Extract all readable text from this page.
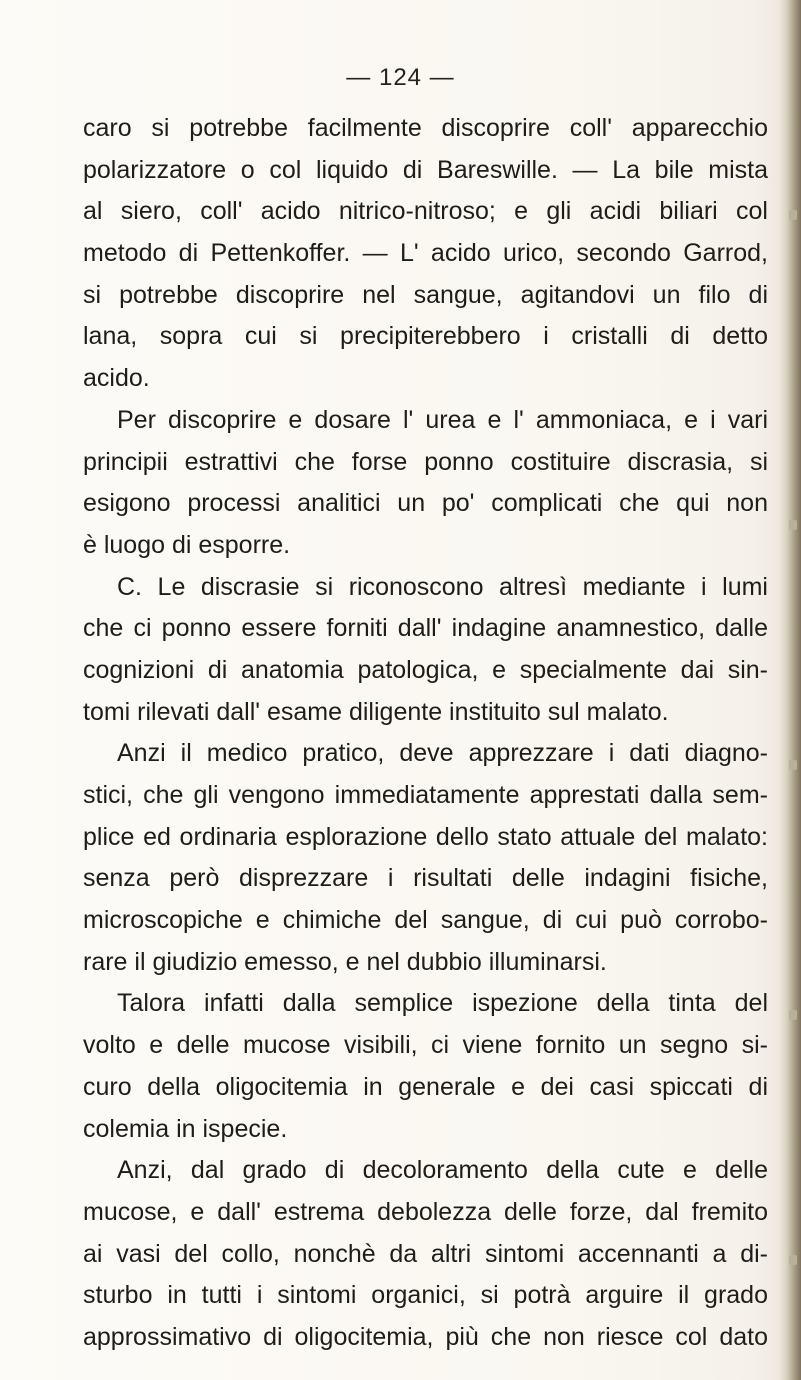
— 124 —
caro si potrebbe facilmente discoprire coll' apparecchio
polarizzatore o col liquido di Bareswille. — La bile mista
al siero, coll' acido nitrico-nitroso; e gli acidi biliari col
metodo di Pettenkoffer. — L' acido urico, secondo Garrod,
si potrebbe discoprire nel sangue, agitandovi un filo di
lana, sopra cui si precipiterebbero i cristalli di detto
acido.
Per discoprire e dosare l' urea e l' ammoniaca, e i vari
principii estrattivi che forse ponno costituire discrasia, si
esigono processi analitici un po' complicati che qui non
è luogo di esporre.
C. Le discrasie si riconoscono altresì mediante i lumi
che ci ponno essere forniti dall' indagine anamnestico, dalle
cognizioni di anatomia patologica, e specialmente dai sin-
tomi rilevati dall' esame diligente instituito sul malato.
Anzi il medico pratico, deve apprezzare i dati diagno-
stici, che gli vengono immediatamente apprestati dalla sem-
plice ed ordinaria esplorazione dello stato attuale del malato:
senza però disprezzare i risultati delle indagini fisiche,
microscopiche e chimiche del sangue, di cui può corrobo-
rare il giudizio emesso, e nel dubbio illuminarsi.
Talora infatti dalla semplice ispezione della tinta del
volto e delle mucose visibili, ci viene fornito un segno si-
curo della oligocitemia in generale e dei casi spiccati di
colemia in ispecie.
Anzi, dal grado di decoloramento della cute e delle
mucose, e dall' estrema debolezza delle forze, dal fremito
ai vasi del collo, nonchè da altri sintomi accennanti a di-
sturbo in tutti i sintomi organici, si potrà arguire il grado
approssimativo di oligocitemia, più che non riesce col dato
